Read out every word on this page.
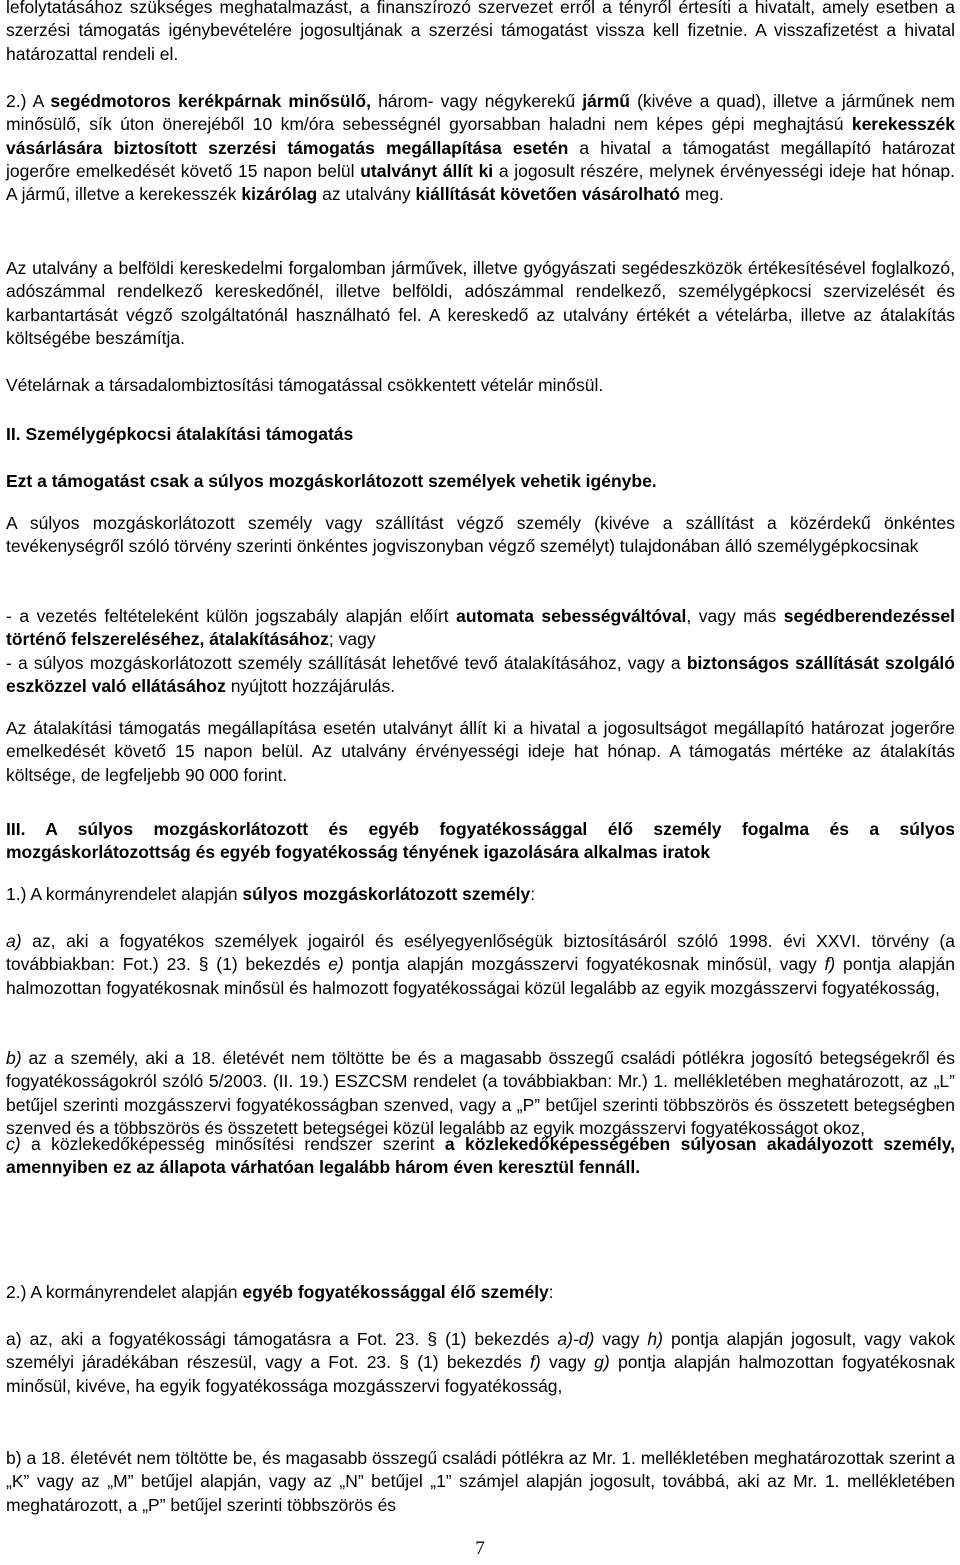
lefolytatásához szükséges meghatalmazást, a finanszírozó szervezet erről a tényről értesíti a hivatalt, amely esetben a szerzési támogatás igénybevételére jogosultjának a szerzési támogatást vissza kell fizetnie. A visszafizetést a hivatal határozattal rendeli el.
2.) A segédmotoros kerékpárnak minősülő, három- vagy négykerekű jármű (kivéve a quad), illetve a járműnek nem minősülő, sík úton önerejéből 10 km/óra sebességnél gyorsabban haladni nem képes gépi meghajtású kerekesszék vásárlására biztosított szerzési támogatás megállapítása esetén a hivatal a támogatást megállapító határozat jogerőre emelkedését követő 15 napon belül utalványt állít ki a jogosult részére, melynek érvényességi ideje hat hónap. A jármű, illetve a kerekesszék kizárólag az utalvány kiállítását követően vásárolható meg.
Az utalvány a belföldi kereskedelmi forgalomban járművek, illetve gyógyászati segédeszközök értékesítésével foglalkozó, adószámmal rendelkező kereskedőnél, illetve belföldi, adószámmal rendelkező, személygépkocsi szervizelését és karbantartását végző szolgáltatónál használható fel. A kereskedő az utalvány értékét a vételárba, illetve az átalakítás költségébe beszámítja.
Vételárnak a társadalombiztosítási támogatással csökkentett vételár minősül.
II. Személygépkocsi átalakítási támogatás
Ezt a támogatást csak a súlyos mozgáskorlátozott személyek vehetik igénybe.
A súlyos mozgáskorlátozott személy vagy szállítást végző személy (kivéve a szállítást a közérdekű önkéntes tevékenységről szóló törvény szerinti önkéntes jogviszonyban végző személyt) tulajdonában álló személygépkocsinak
- a vezetés feltételeként külön jogszabály alapján előírt automata sebességváltóval, vagy más segédberendezéssel történő felszereléséhez, átalakításához; vagy
- a súlyos mozgáskorlátozott személy szállítását lehetővé tevő átalakításához, vagy a biztonságos szállítását szolgáló eszközzel való ellátásához nyújtott hozzájárulás.
Az átalakítási támogatás megállapítása esetén utalványt állít ki a hivatal a jogosultságot megállapító határozat jogerőre emelkedését követő 15 napon belül. Az utalvány érvényességi ideje hat hónap. A támogatás mértéke az átalakítás költsége, de legfeljebb 90 000 forint.
III. A súlyos mozgáskorlátozott és egyéb fogyatékossággal élő személy fogalma és a súlyos mozgáskorlátozottság és egyéb fogyatékosság tényének igazolására alkalmas iratok
1.) A kormányrendelet alapján súlyos mozgáskorlátozott személy:
a) az, aki a fogyatékos személyek jogairól és esélyegyenlőségük biztosításáról szóló 1998. évi XXVI. törvény (a továbbiakban: Fot.) 23. § (1) bekezdés e) pontja alapján mozgásszervi fogyatékosnak minősül, vagy f) pontja alapján halmozottan fogyatékosnak minősül és halmozott fogyatékosságai közül legalább az egyik mozgásszervi fogyatékosság,
b) az a személy, aki a 18. életévét nem töltötte be és a magasabb összegű családi pótlékra jogosító betegségekről és fogyatékosságokról szóló 5/2003. (II. 19.) ESZCSM rendelet (a továbbiakban: Mr.) 1. mellékletében meghatározott, az „L” betűjel szerinti mozgásszervi fogyatékosságban szenved, vagy a „P” betűjel szerinti többszörös és összetett betegségben szenved és a többszörös és összetett betegségei közül legalább az egyik mozgásszervi fogyatékosságot okoz,
c) a közlekedőképesség minősítési rendszer szerint a közlekedőképességében súlyosan akadályozott személy, amennyiben ez az állapota várhatóan legalább három éven keresztül fennáll.
2.) A kormányrendelet alapján egyéb fogyatékossággal élő személy:
a) az, aki a fogyatékossági támogatásra a Fot. 23. § (1) bekezdés a)-d) vagy h) pontja alapján jogosult, vagy vakok személyi járadékában részesül, vagy a Fot. 23. § (1) bekezdés f) vagy g) pontja alapján halmozottan fogyatékosnak minősül, kivéve, ha egyik fogyatékossága mozgásszervi fogyatékosság,
b) a 18. életévét nem töltötte be, és magasabb összegű családi pótlékra az Mr. 1. mellékletében meghatározottak szerint a „K” vagy az „M” betűjel alapján, vagy az „N” betűjel „1” számjel alapján jogosult, továbbá, aki az Mr. 1. mellékletében meghatározott, a „P” betűjel szerinti többszörös és
7
